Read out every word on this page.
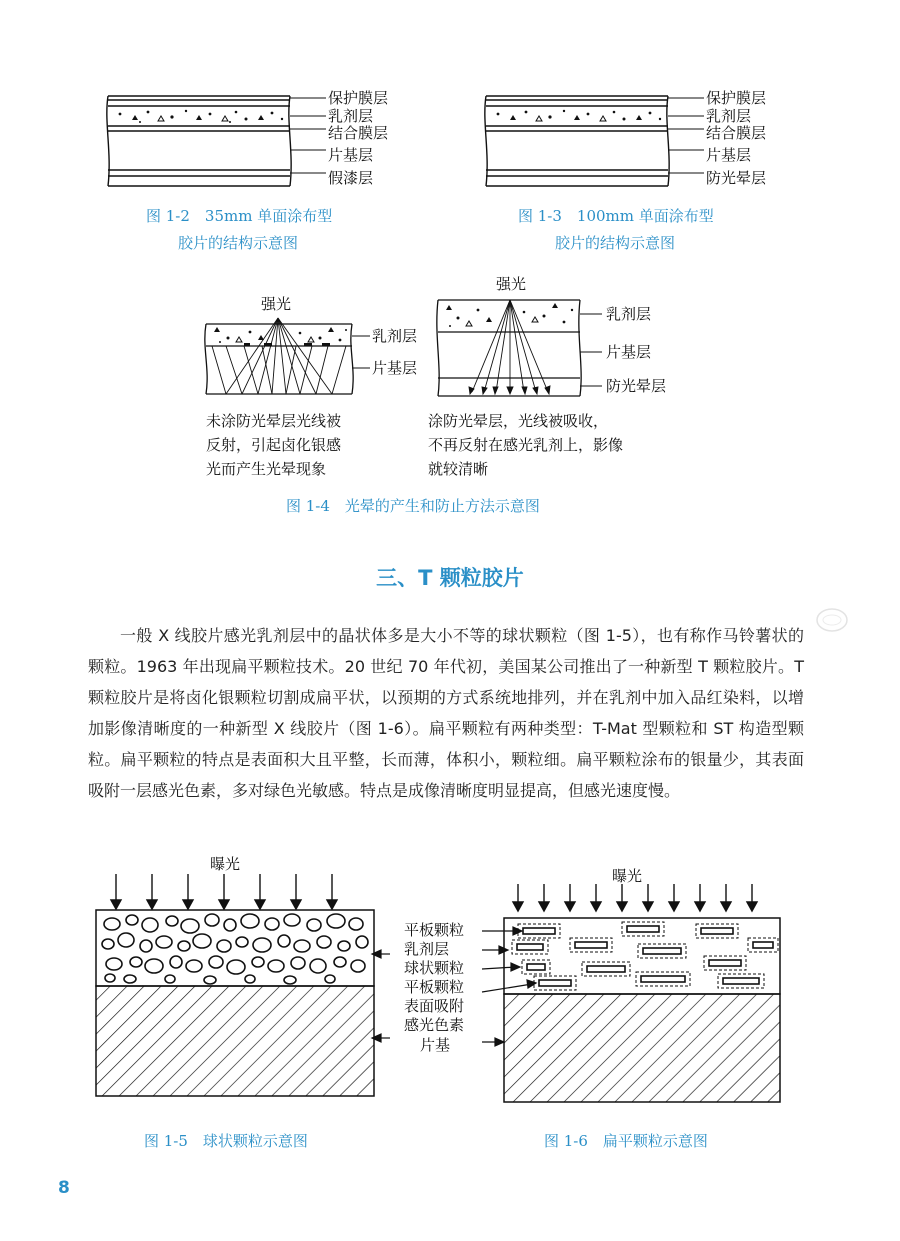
保护膜层
乳剂层
结合膜层
片基层
假漆层
图 1-2　35mm 单面涂布型
胶片的结构示意图
保护膜层
乳剂层
结合膜层
片基层
防光晕层
图 1-3　100mm 单面涂布型
胶片的结构示意图
强光
乳剂层
片基层
未涂防光晕层光线被
反射，引起卤化银感
光而产生光晕现象
强光
乳剂层
片基层
防光晕层
涂防光晕层，光线被吸收，
不再反射在感光乳剂上，影像
就较清晰
图 1-4　光晕的产生和防止方法示意图
三、T 颗粒胶片
一般 X 线胶片感光乳剂层中的晶状体多是大小不等的球状颗粒（图 1-5），也有称作马铃薯状的颗粒。1963 年出现扁平颗粒技术。20 世纪 70 年代初，美国某公司推出了一种新型 T 颗粒胶片。T 颗粒胶片是将卤化银颗粒切割成扁平状，以预期的方式系统地排列，并在乳剂中加入品红染料，以增加影像清晰度的一种新型 X 线胶片（图 1-6）。扁平颗粒有两种类型：T-Mat 型颗粒和 ST 构造型颗粒。扁平颗粒的特点是表面积大且平整，长而薄，体积小，颗粒细。扁平颗粒涂布的银量少，其表面吸附一层感光色素，多对绿色光敏感。特点是成像清晰度明显提高，但感光速度慢。
曝光
图 1-5　球状颗粒示意图
平板颗粒
乳剂层
球状颗粒
平板颗粒
表面吸附
感光色素
片基
曝光
图 1-6　扁平颗粒示意图
8
